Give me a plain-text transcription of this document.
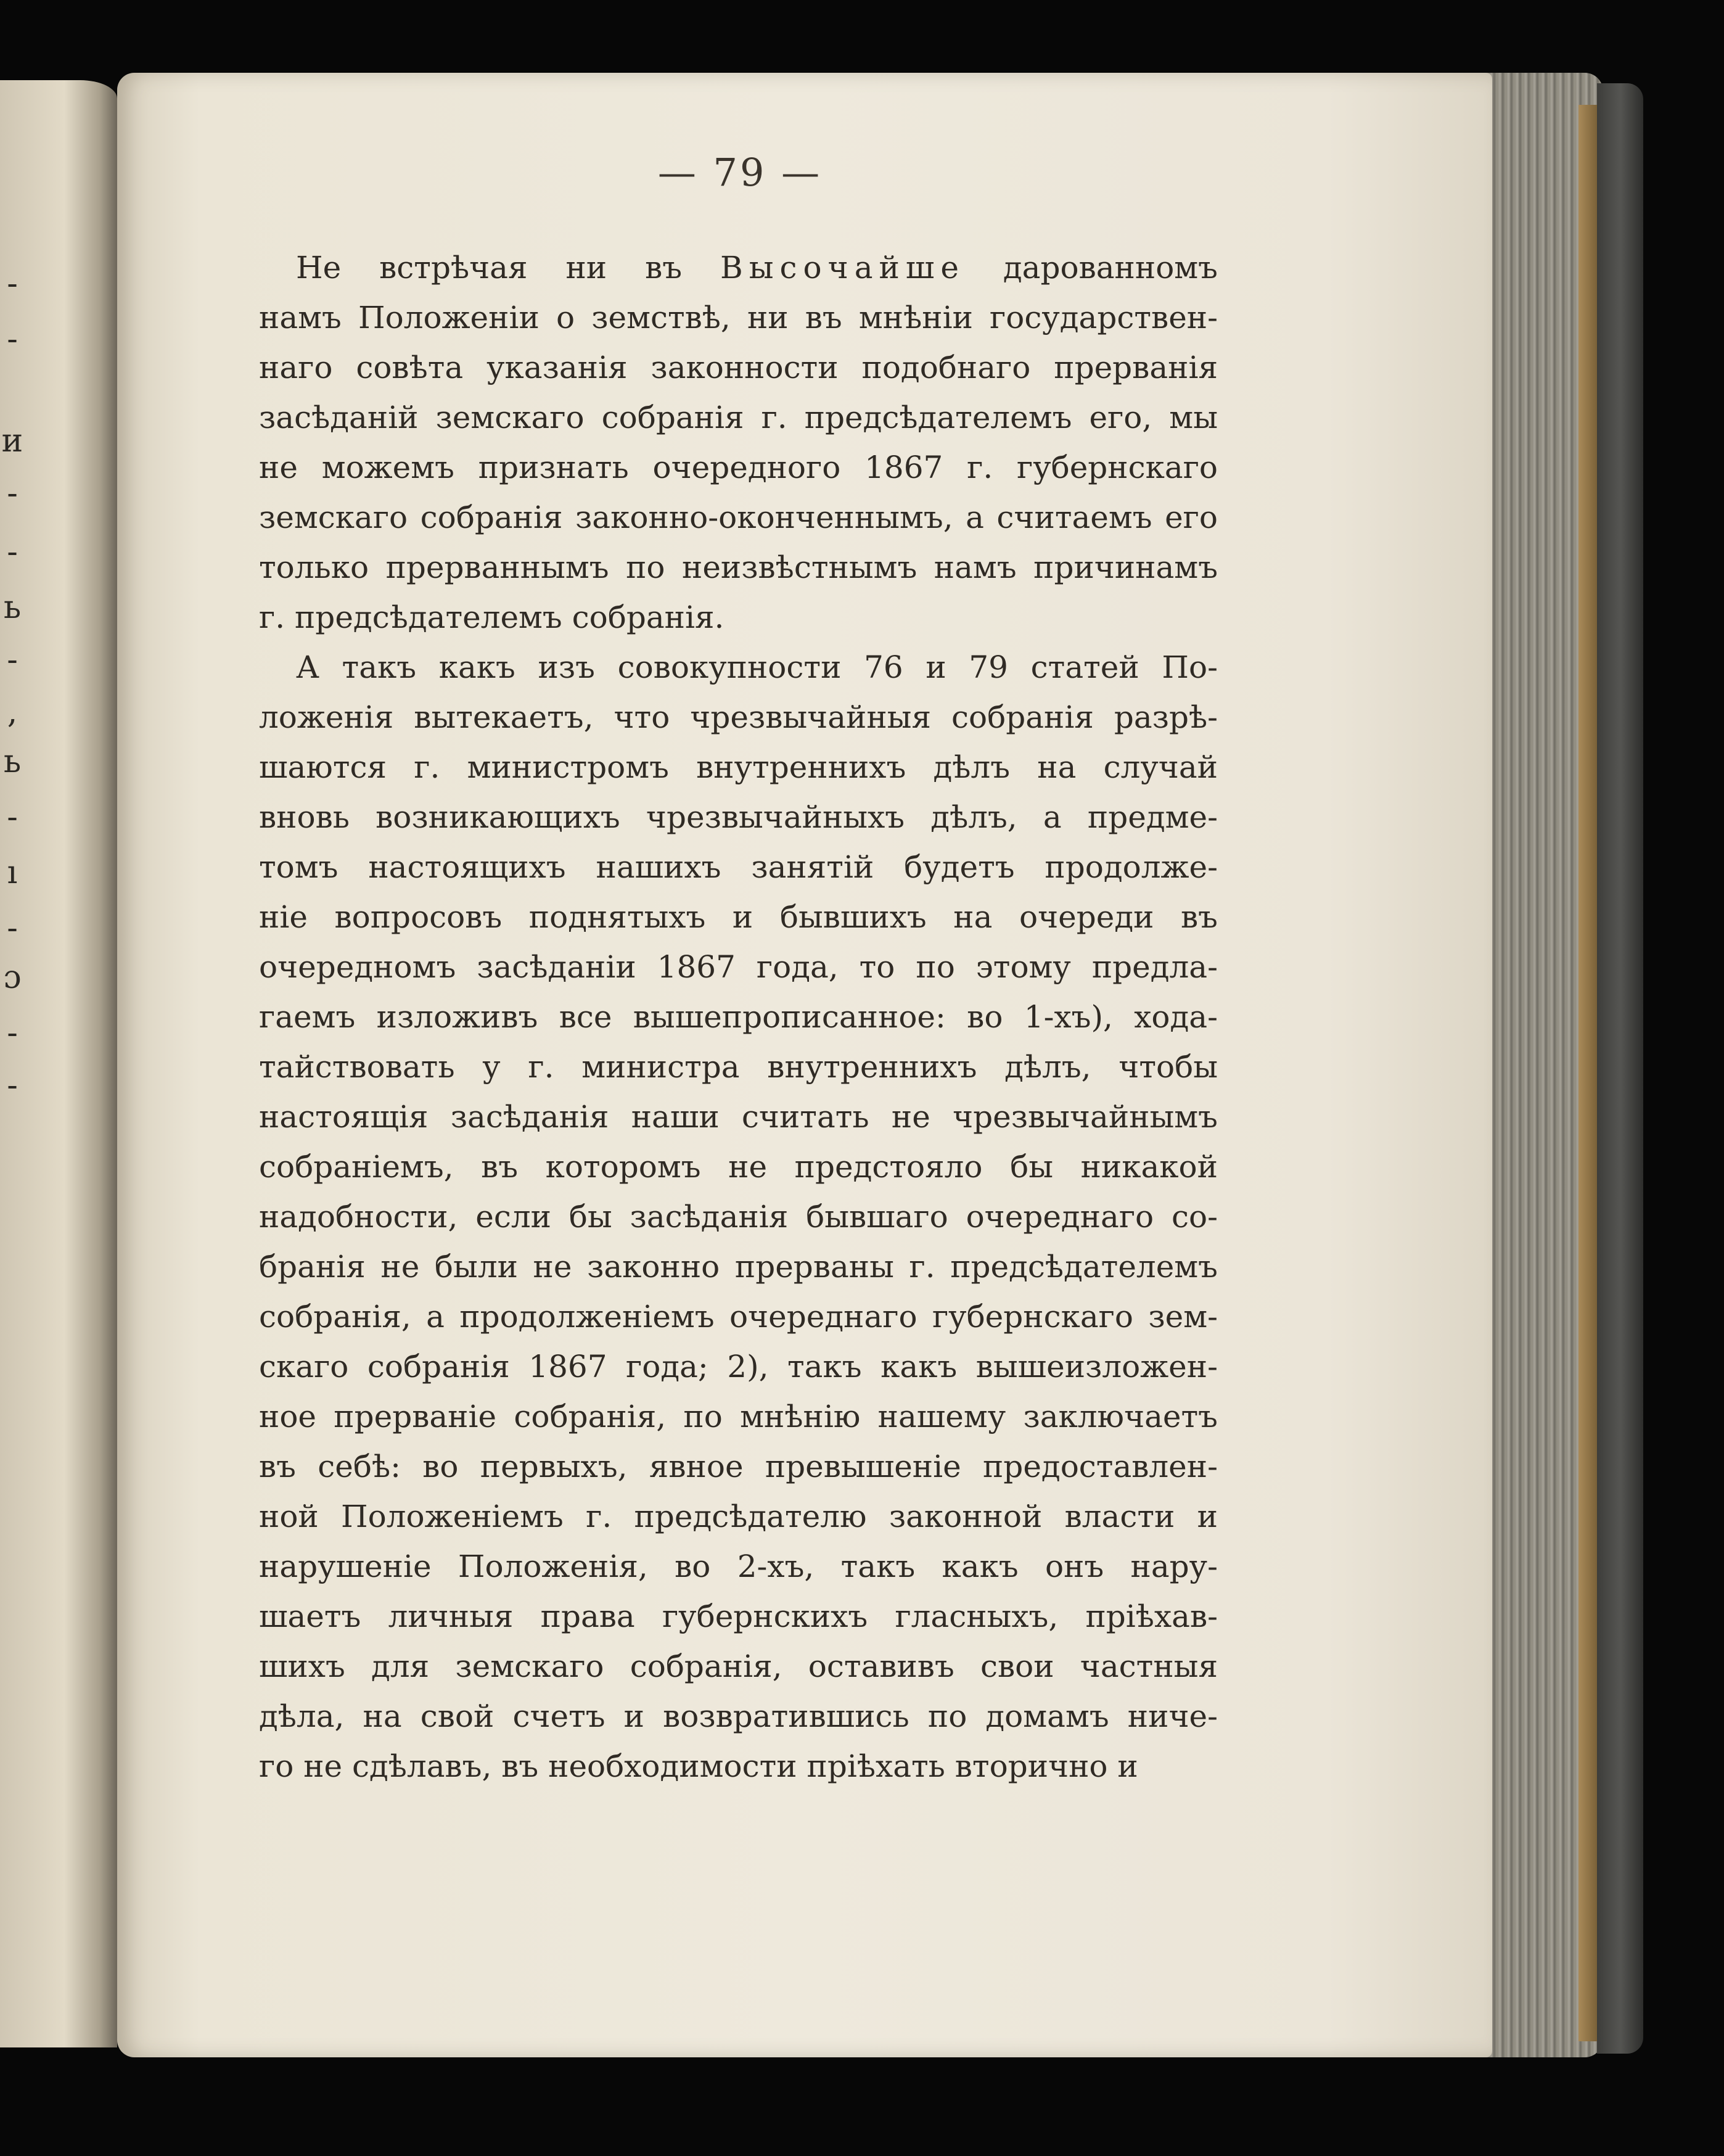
-
-
и
-
-
ь
-
,
ь
-
ı
-
ɔ
-
-
— 79 —
Не встрѣчая ни въ Высочайше дарованномъ
намъ Положеніи о земствѣ, ни въ мнѣніи государствен-
наго совѣта указанія законности подобнаго прерванія
засѣданій земскаго собранія г. предсѣдателемъ его, мы
не можемъ признать очередного 1867 г. губернскаго
земскаго собранія законно-оконченнымъ, а считаемъ его
только прерваннымъ по неизвѣстнымъ намъ причинамъ
г. предсѣдателемъ собранія.
А такъ какъ изъ совокупности 76 и 79 статей По-
ложенія вытекаетъ, что чрезвычайныя собранія разрѣ-
шаются г. министромъ внутреннихъ дѣлъ на случай
вновь возникающихъ чрезвычайныхъ дѣлъ, а предме-
томъ настоящихъ нашихъ занятій будетъ продолже-
ніе вопросовъ поднятыхъ и бывшихъ на очереди въ
очередномъ засѣданіи 1867 года, то по этому предла-
гаемъ изложивъ все вышепрописанное: во 1-хъ), хода-
тайствовать у г. министра внутреннихъ дѣлъ, чтобы
настоящія засѣданія наши считать не чрезвычайнымъ
собраніемъ, въ которомъ не предстояло бы никакой
надобности, если бы засѣданія бывшаго очереднаго со-
бранія не были не законно прерваны г. предсѣдателемъ
собранія, а продолженіемъ очереднаго губернскаго зем-
скаго собранія 1867 года; 2), такъ какъ вышеизложен-
ное прерваніе собранія, по мнѣнію нашему заключаетъ
въ себѣ: во первыхъ, явное превышеніе предоставлен-
ной Положеніемъ г. предсѣдателю законной власти и
нарушеніе Положенія, во 2-хъ, такъ какъ онъ нару-
шаетъ личныя права губернскихъ гласныхъ, пріѣхав-
шихъ для земскаго собранія, оставивъ свои частныя
дѣла, на свой счетъ и возвратившись по домамъ ниче-
го не сдѣлавъ, въ необходимости пріѣхать вторично и
